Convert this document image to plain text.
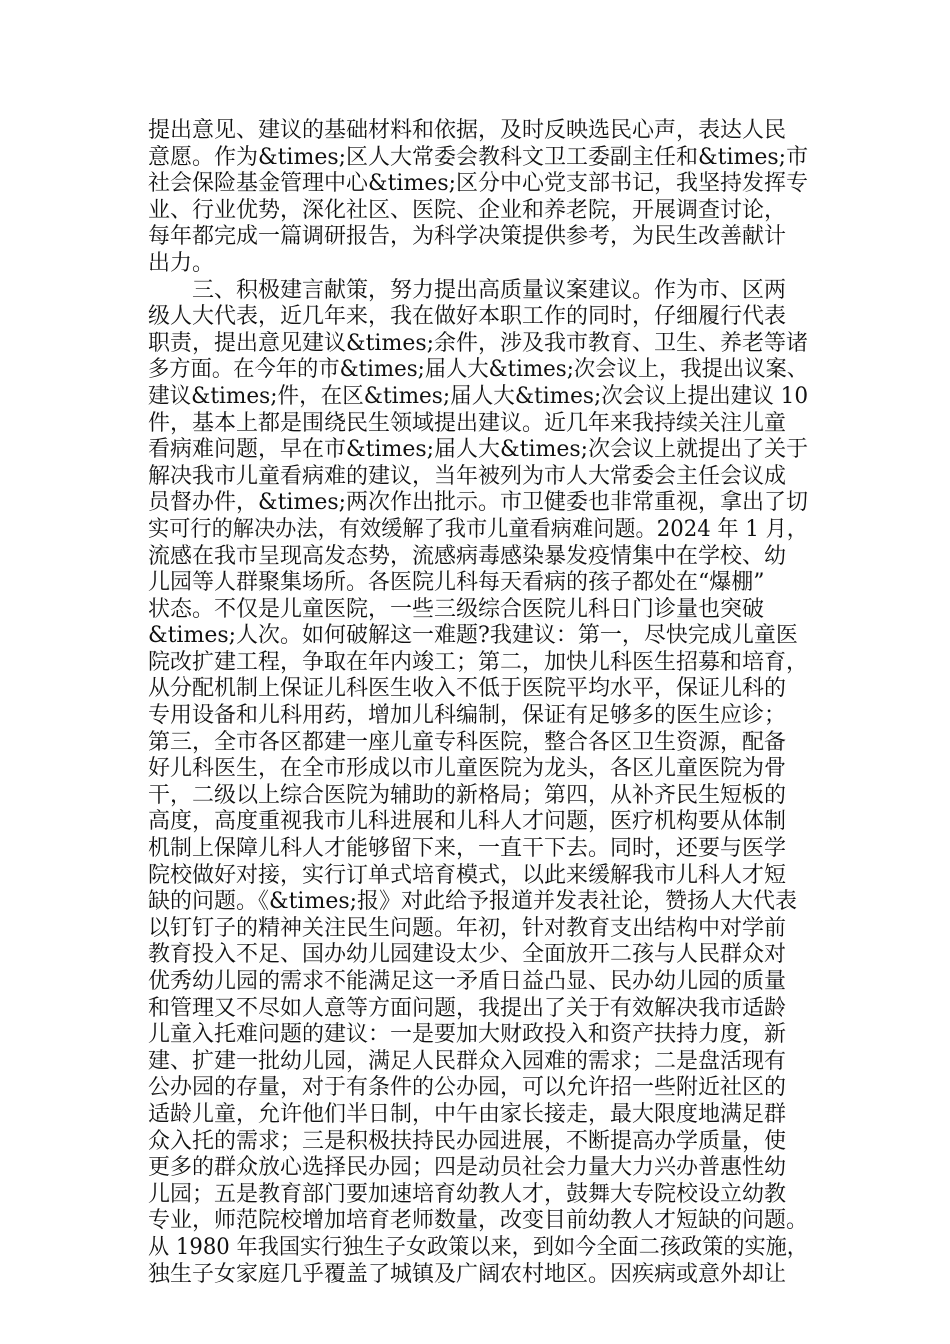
提出意见、建议的基础材料和依据，及时反映选民心声，表达人民
意愿。作为&times;区人大常委会教科文卫工委副主任和&times;市
社会保险基金管理中心&times;区分中心党支部书记，我坚持发挥专
业、行业优势，深化社区、医院、企业和养老院，开展调查讨论，
每年都完成一篇调研报告，为科学决策提供参考，为民生改善献计
出力。
　　三、积极建言献策，努力提出高质量议案建议。作为市、区两
级人大代表，近几年来，我在做好本职工作的同时，仔细履行代表
职责，提出意见建议&times;余件，涉及我市教育、卫生、养老等诸
多方面。在今年的市&times;届人大&times;次会议上，我提出议案、
建议&times;件，在区&times;届人大&times;次会议上提出建议 10
件，基本上都是围绕民生领域提出建议。近几年来我持续关注儿童
看病难问题，早在市&times;届人大&times;次会议上就提出了关于
解决我市儿童看病难的建议，当年被列为市人大常委会主任会议成
员督办件，&times;两次作出批示。市卫健委也非常重视，拿出了切
实可行的解决办法，有效缓解了我市儿童看病难问题。2024 年 1 月，
流感在我市呈现高发态势，流感病毒感染暴发疫情集中在学校、幼
儿园等人群聚集场所。各医院儿科每天看病的孩子都处在“爆棚”
状态。不仅是儿童医院，一些三级综合医院儿科日门诊量也突破
&times;人次。如何破解这一难题?我建议：第一，尽快完成儿童医
院改扩建工程，争取在年内竣工；第二，加快儿科医生招募和培育，
从分配机制上保证儿科医生收入不低于医院平均水平，保证儿科的
专用设备和儿科用药，增加儿科编制，保证有足够多的医生应诊；
第三，全市各区都建一座儿童专科医院，整合各区卫生资源，配备
好儿科医生，在全市形成以市儿童医院为龙头，各区儿童医院为骨
干，二级以上综合医院为辅助的新格局；第四，从补齐民生短板的
高度，高度重视我市儿科进展和儿科人才问题，医疗机构要从体制
机制上保障儿科人才能够留下来，一直干下去。同时，还要与医学
院校做好对接，实行订单式培育模式，以此来缓解我市儿科人才短
缺的问题。《&times;报》对此给予报道并发表社论，赞扬人大代表
以钉钉子的精神关注民生问题。年初，针对教育支出结构中对学前
教育投入不足、国办幼儿园建设太少、全面放开二孩与人民群众对
优秀幼儿园的需求不能满足这一矛盾日益凸显、民办幼儿园的质量
和管理又不尽如人意等方面问题，我提出了关于有效解决我市适龄
儿童入托难问题的建议：一是要加大财政投入和资产扶持力度，新
建、扩建一批幼儿园，满足人民群众入园难的需求；二是盘活现有
公办园的存量，对于有条件的公办园，可以允许招一些附近社区的
适龄儿童，允许他们半日制，中午由家长接走，最大限度地满足群
众入托的需求；三是积极扶持民办园进展，不断提高办学质量，使
更多的群众放心选择民办园；四是动员社会力量大力兴办普惠性幼
儿园；五是教育部门要加速培育幼教人才，鼓舞大专院校设立幼教
专业，师范院校增加培育老师数量，改变目前幼教人才短缺的问题。
从 1980 年我国实行独生子女政策以来，到如今全面二孩政策的实施，
独生子女家庭几乎覆盖了城镇及广阔农村地区。因疾病或意外却让
